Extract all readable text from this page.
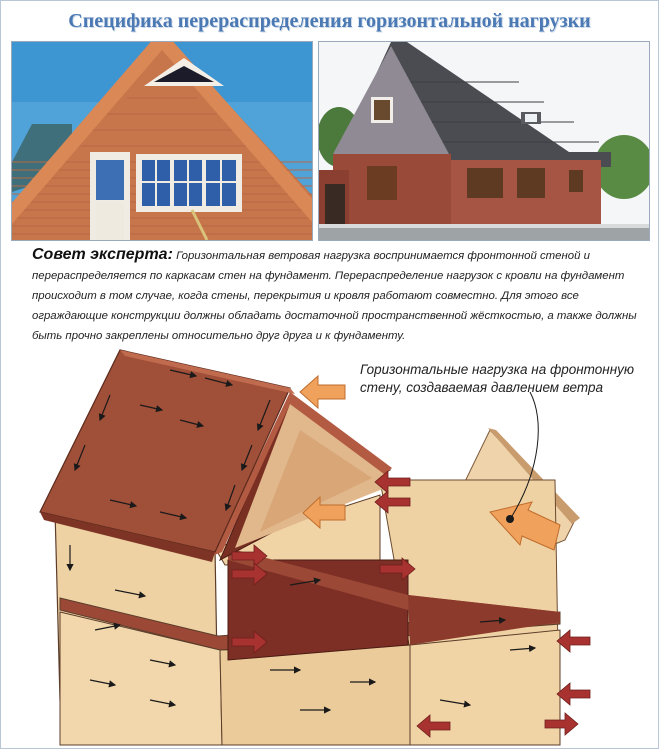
Специфика перераспределения горизонтальной нагрузки
Совет эксперта: Горизонтальная ветровая нагрузка воспринимается фронтонной стеной и перераспределяется по каркасам стен на фундамент. Перераспределение нагрузок с кровли на фундамент происходит в том случае, когда стены, перекрытия и кровля работают совместно. Для этого все ограждающие конструкции должны обладать достаточной пространственной жёсткостью, а также должны быть прочно закреплены относительно друг друга и к фундаменту.
Горизонтальные нагрузка на фронтонную стену, создаваемая давлением ветра
